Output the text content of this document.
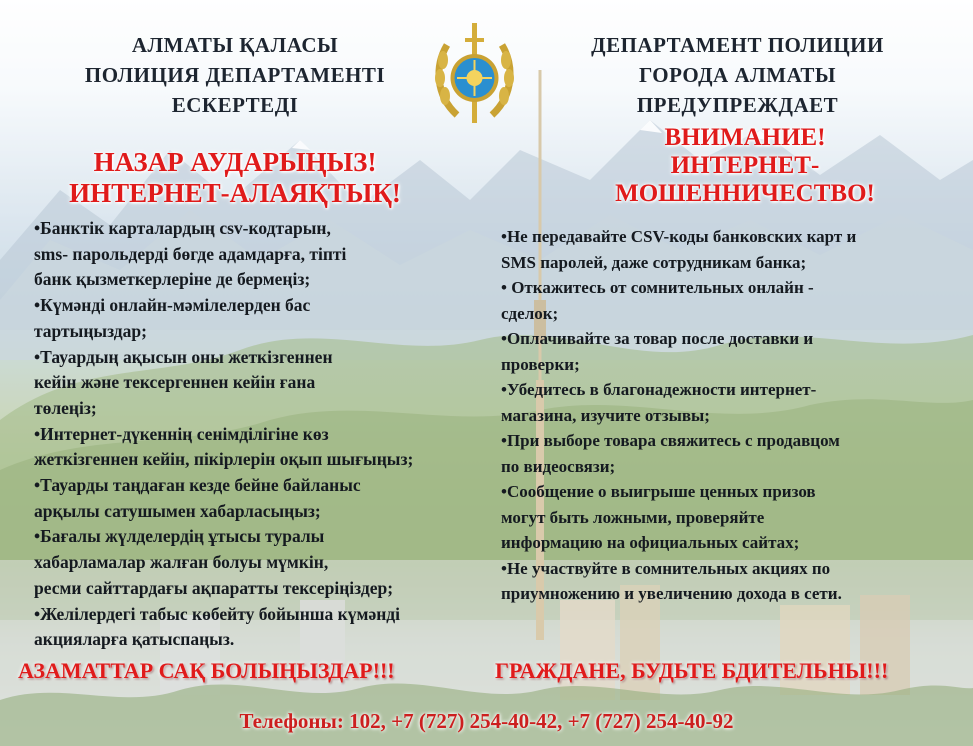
АЛМАТЫ ҚАЛАСЫ
ПОЛИЦИЯ ДЕПАРТАМЕНТІ
ЕСКЕРТЕДІ
ДЕПАРТАМЕНТ ПОЛИЦИИ
ГОРОДА АЛМАТЫ
ПРЕДУПРЕЖДАЕТ
НАЗАР АУДАРЫҢЫЗ!
ИНТЕРНЕТ-АЛАЯҚТЫҚ!
ВНИМАНИЕ!
ИНТЕРНЕТ-
МОШЕННИЧЕСТВО!
•Банктік карталардың csv-кодтарын,
sms- парольдерді бөгде адамдарға, тіпті
банк қызметкерлеріне де бермеңіз;
•Күмәнді онлайн-мәмілелерден бас
тартыңыздар;
•Тауардың ақысын оны жеткізгеннен
кейін және тексергеннен кейін ғана
төлеңіз;
•Интернет-дүкеннің сенімділігіне көз
жеткізгеннен кейін, пікірлерін оқып шығыңыз;
•Тауарды таңдаған кезде бейне байланыс
арқылы сатушымен хабарласыңыз;
•Бағалы жүлделердің ұтысы туралы
хабарламалар жалған болуы мүмкін,
ресми сайттардағы ақпаратты тексеріңіздер;
•Желілердегі табыс көбейту бойынша күмәнді
акцияларға қатыспаңыз.
•Не передавайте CSV-коды банковских карт и
SMS паролей, даже сотрудникам банка;
• Откажитесь от сомнительных онлайн -
сделок;
•Оплачивайте за товар после доставки и
проверки;
•Убедитесь в благонадежности интернет-
магазина, изучите отзывы;
•При выборе товара свяжитесь с продавцом
по видеосвязи;
•Сообщение о выигрыше ценных призов
могут быть ложными, проверяйте
информацию на официальных сайтах;
•Не участвуйте в сомнительных акциях по
приумножению и увеличению дохода в сети.
АЗАМАТТАР САҚ БОЛЫҢЫЗДАР!!!	ГРАЖДАНЕ, БУДЬТЕ БДИТЕЛЬНЫ!!!
Телефоны: 102, +7 (727) 254-40-42, +7 (727) 254-40-92
